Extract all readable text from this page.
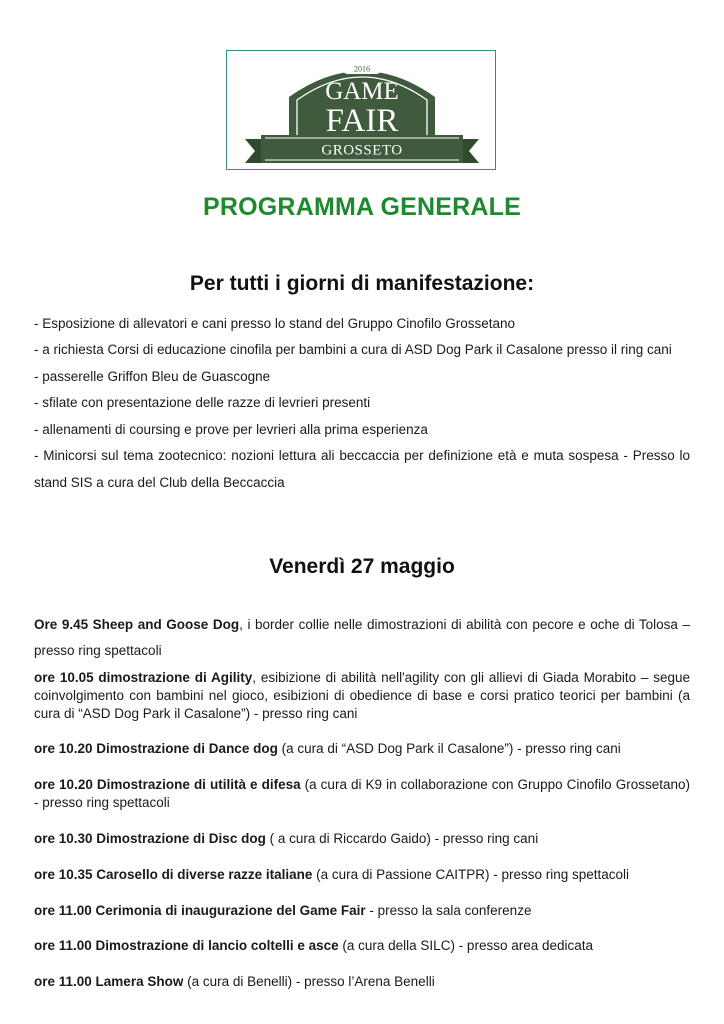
2016
GAME
FAIR
GROSSETO
PROGRAMMA GENERALE
Per tutti i giorni di manifestazione:
- Esposizione di allevatori e cani presso lo stand del Gruppo Cinofilo Grossetano
- a richiesta Corsi di educazione cinofila per bambini a cura di ASD Dog Park il Casalone presso il ring cani
- passerelle Griffon Bleu de Guascogne
- sfilate con presentazione delle razze di levrieri presenti
- allenamenti di coursing e prove per levrieri alla prima esperienza
- Minicorsi sul tema zootecnico: nozioni lettura ali beccaccia per definizione età e muta sospesa - Presso lo
stand SIS a cura del Club della Beccaccia
Venerdì 27 maggio
Ore 9.45 Sheep and Goose Dog, i border collie nelle dimostrazioni di abilità con pecore e oche di Tolosa –
presso ring spettacoli
ore 10.05 dimostrazione di Agility, esibizione di abilità nell'agility con gli allievi di Giada Morabito – segue coinvolgimento con bambini nel gioco, esibizioni di obedience di base e corsi pratico teorici per bambini (a cura di “ASD Dog Park il Casalone”) - presso ring cani
ore 10.20 Dimostrazione di Dance dog (a cura di “ASD Dog Park il Casalone”) - presso ring cani
ore 10.20 Dimostrazione di utilità e difesa (a cura di K9 in collaborazione con Gruppo Cinofilo Grossetano) - presso ring spettacoli
ore 10.30 Dimostrazione di Disc dog ( a cura di Riccardo Gaido) - presso ring cani
ore 10.35 Carosello di diverse razze italiane (a cura di Passione CAITPR) - presso ring spettacoli
ore 11.00 Cerimonia di inaugurazione del Game Fair - presso la sala conferenze
ore 11.00 Dimostrazione di lancio coltelli e asce (a cura della SILC) - presso area dedicata
ore 11.00 Lamera Show (a cura di Benelli) - presso l’Arena Benelli
